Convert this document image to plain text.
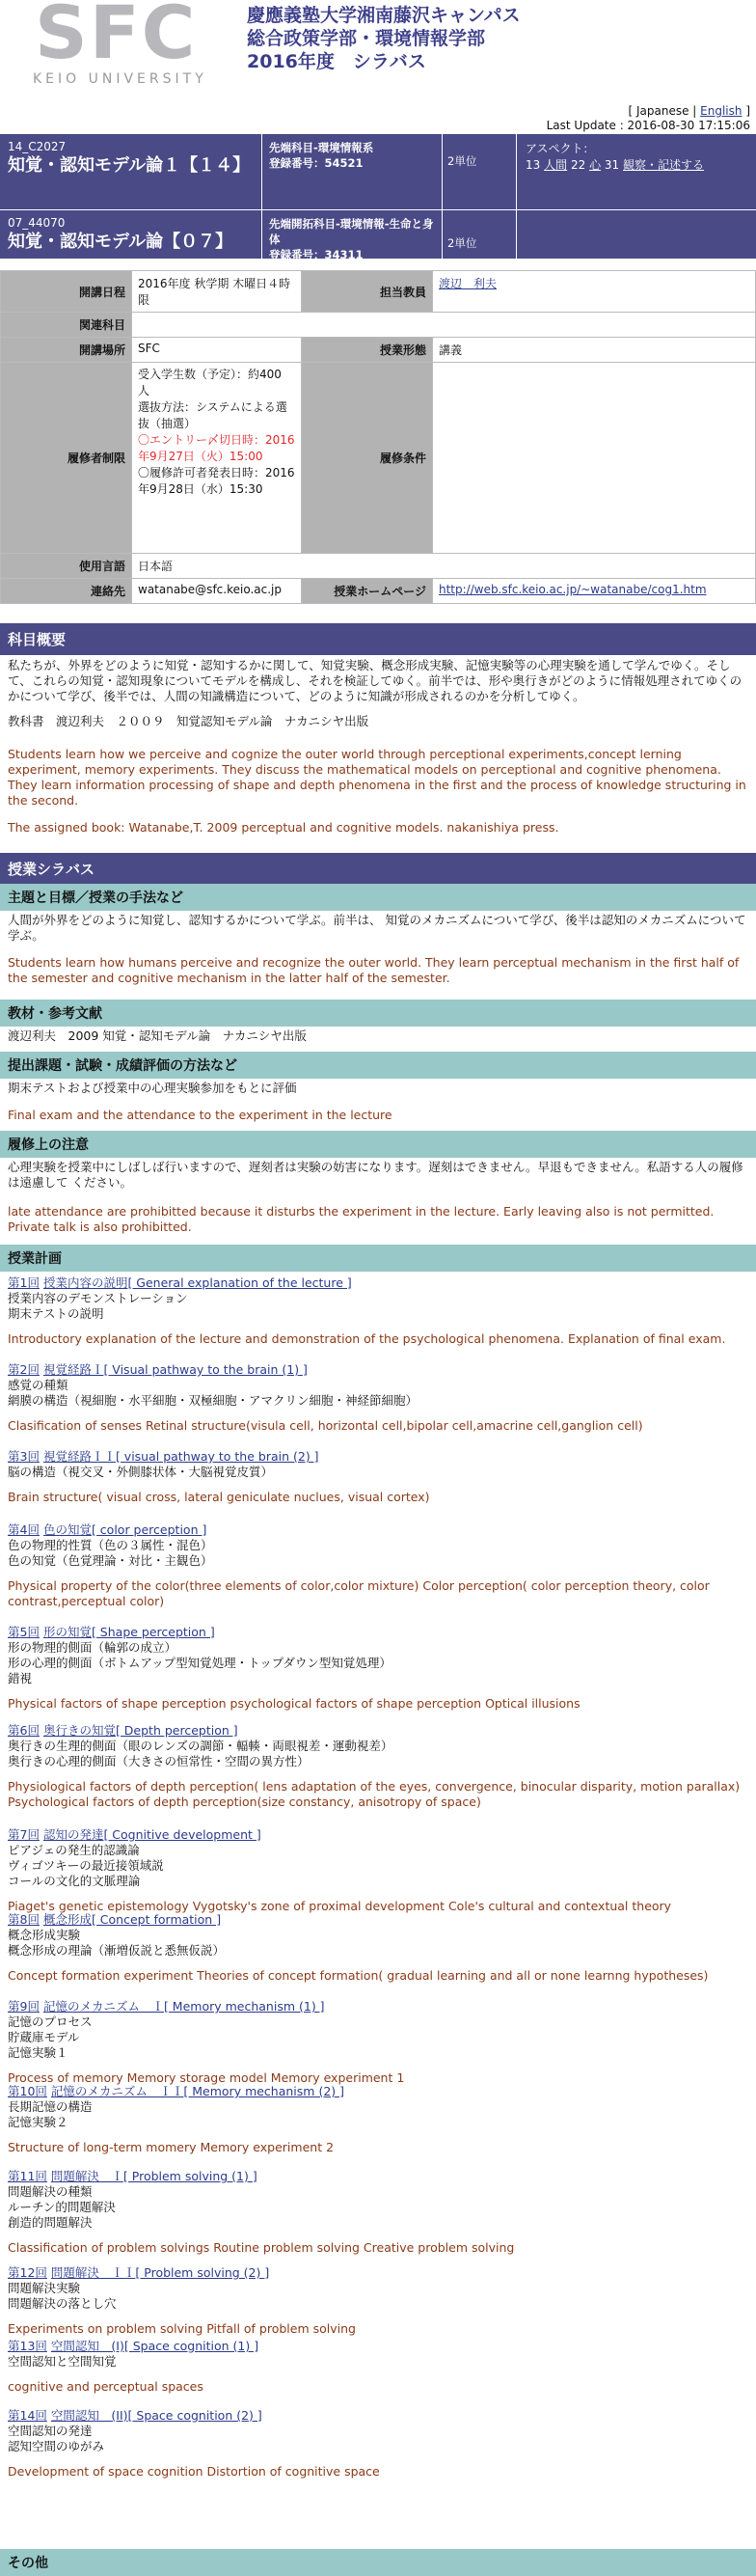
SFC
KEIO UNIVERSITY
慶應義塾大学湘南藤沢キャンパス
総合政策学部・環境情報学部
2016年度　シラバス
[ Japanese | English ]
Last Update : 2016-08-30 17:15:06
14_C2027
知覚・認知モデル論１【１４】
先端科目-環境情報系
登録番号：54521	2単位
アスペクト：
13 人間 22 心 31 観察・記述する
07_44070
知覚・認知モデル論【０７】
先端開拓科目-環境情報-生命と身体
登録番号：34311
2単位
開講日程	2016年度 秋学期 木曜日４時限	担当教員	渡辺　利夫
関連科目			
開講場所	SFC	授業形態	講義
履修者制限	受入学生数（予定）：約400 人
選抜方法：システムによる選抜（抽選）
〇エントリー〆切日時：2016年9月27日（火）15:00
〇履修許可者発表日時：2016年9月28日（水）15:30	履修条件	
使用言語	日本語		
連絡先	watanabe@sfc.keio.ac.jp	授業ホームページ	http://web.sfc.keio.ac.jp/~watanabe/cog1.htm
科目概要
私たちが、外界をどのように知覚・認知するかに関して、知覚実験、概念形成実験、記憶実験等の心理実験を通して学んでゆく。そして、これらの知覚・認知現象についてモデルを構成し、それを検証してゆく。前半では、形や奥行きがどのように情報処理されてゆくのかについて学び、後半では、人間の知識構造について、どのように知識が形成されるのかを分析してゆく。
教科書　渡辺利夫　２００９　知覚認知モデル論　ナカニシヤ出版
Students learn how we perceive and cognize the outer world through perceptional experiments,concept lerning experiment, memory experiments. They discuss the mathematical models on perceptional and cognitive phenomena. They learn information processing of shape and depth phenomena in the first and the process of knowledge structuring in the second.
The assigned book: Watanabe,T. 2009 perceptual and cognitive models. nakanishiya press.
授業シラバス
主題と目標／授業の手法など
人間が外界をどのように知覚し、認知するかについて学ぶ。前半は、 知覚のメカニズムについて学び、後半は認知のメカニズムについて学ぶ。
Students learn how humans perceive and recognize the outer world. They learn perceptual mechanism in the first half of the semester and cognitive mechanism in the latter half of the semester.
教材・参考文献
渡辺利夫　2009 知覚・認知モデル論　ナカニシヤ出版
提出課題・試験・成績評価の方法など
期末テストおよび授業中の心理実験参加をもとに評価
Final exam and the attendance to the experiment in the lecture
履修上の注意
心理実験を授業中にしばしば行いますので、遅刻者は実験の妨害になります。遅刻はできません。早退もできません。私語する人の履修は遠慮して ください。
late attendance are prohibitted because it disturbs the experiment in the lecture. Early leaving also is not permitted. Private talk is also prohibitted.
授業計画
第1回 授業内容の説明[ General explanation of the lecture ]
授業内容のデモンストレーション
期末テストの説明
Introductory explanation of the lecture and demonstration of the psychological phenomena. Explanation of final exam.
第2回 視覚経路Ｉ[ Visual pathway to the brain (1) ]
感覚の種類
網膜の構造（視細胞・水平細胞・双極細胞・アマクリン細胞・神経節細胞）
Clasification of senses Retinal structure(visula cell, horizontal cell,bipolar cell,amacrine cell,ganglion cell)
第3回 視覚経路ＩＩ[ visual pathway to the brain (2) ]
脳の構造（視交叉・外側膝状体・大脳視覚皮質）
Brain structure( visual cross, lateral geniculate nuclues, visual cortex)
第4回 色の知覚[ color perception ]
色の物理的性質（色の３属性・混色）
色の知覚（色覚理論・対比・主観色）
Physical property of the color(three elements of color,color mixture) Color perception( color perception theory, color contrast,perceptual color)
第5回 形の知覚[ Shape perception ]
形の物理的側面（輪郭の成立）
形の心理的側面（ボトムアップ型知覚処理・トップダウン型知覚処理）
錯視
Physical factors of shape perception psychological factors of shape perception Optical illusions
第6回 奥行きの知覚[ Depth perception ]
奥行きの生理的側面（眼のレンズの調節・輻輳・両眼視差・運動視差）
奥行きの心理的側面（大きさの恒常性・空間の異方性）
Physiological factors of depth perception( lens adaptation of the eyes, convergence, binocular disparity, motion parallax) Psychological factors of depth perception(size constancy, anisotropy of space)
第7回 認知の発達[ Cognitive development ]
ピアジェの発生的認識論
ヴィゴツキーの最近接領域説
コールの文化的文脈理論
Piaget's genetic epistemology Vygotsky's zone of proximal development Cole's cultural and contextual theory
第8回 概念形成[ Concept formation ]
概念形成実験
概念形成の理論（漸増仮説と悉無仮説）
Concept formation experiment Theories of concept formation( gradual learning and all or none learnng hypotheses)
第9回 記憶のメカニズム　Ｉ[ Memory mechanism (1) ]
記憶のプロセス
貯蔵庫モデル
記憶実験１
Process of memory Memory storage model Memory experiment 1
第10回 記憶のメカニズム　ＩＩ[ Memory mechanism (2) ]
長期記憶の構造
記憶実験２
Structure of long-term momery Memory experiment 2
第11回 問題解決　Ｉ[ Problem solving (1) ]
問題解決の種類
ルーチン的問題解決
創造的問題解決
Classification of problem solvings Routine problem solving Creative problem solving
第12回 問題解決　ＩＩ[ Problem solving (2) ]
問題解決実験
問題解決の落とし穴
Experiments on problem solving Pitfall of problem solving
第13回 空間認知　(I)[ Space cognition (1) ]
空間認知と空間知覚
cognitive and perceptual spaces
第14回 空間認知　(II)[ Space cognition (2) ]
空間認知の発達
認知空間のゆがみ
Development of space cognition Distortion of cognitive space
その他
